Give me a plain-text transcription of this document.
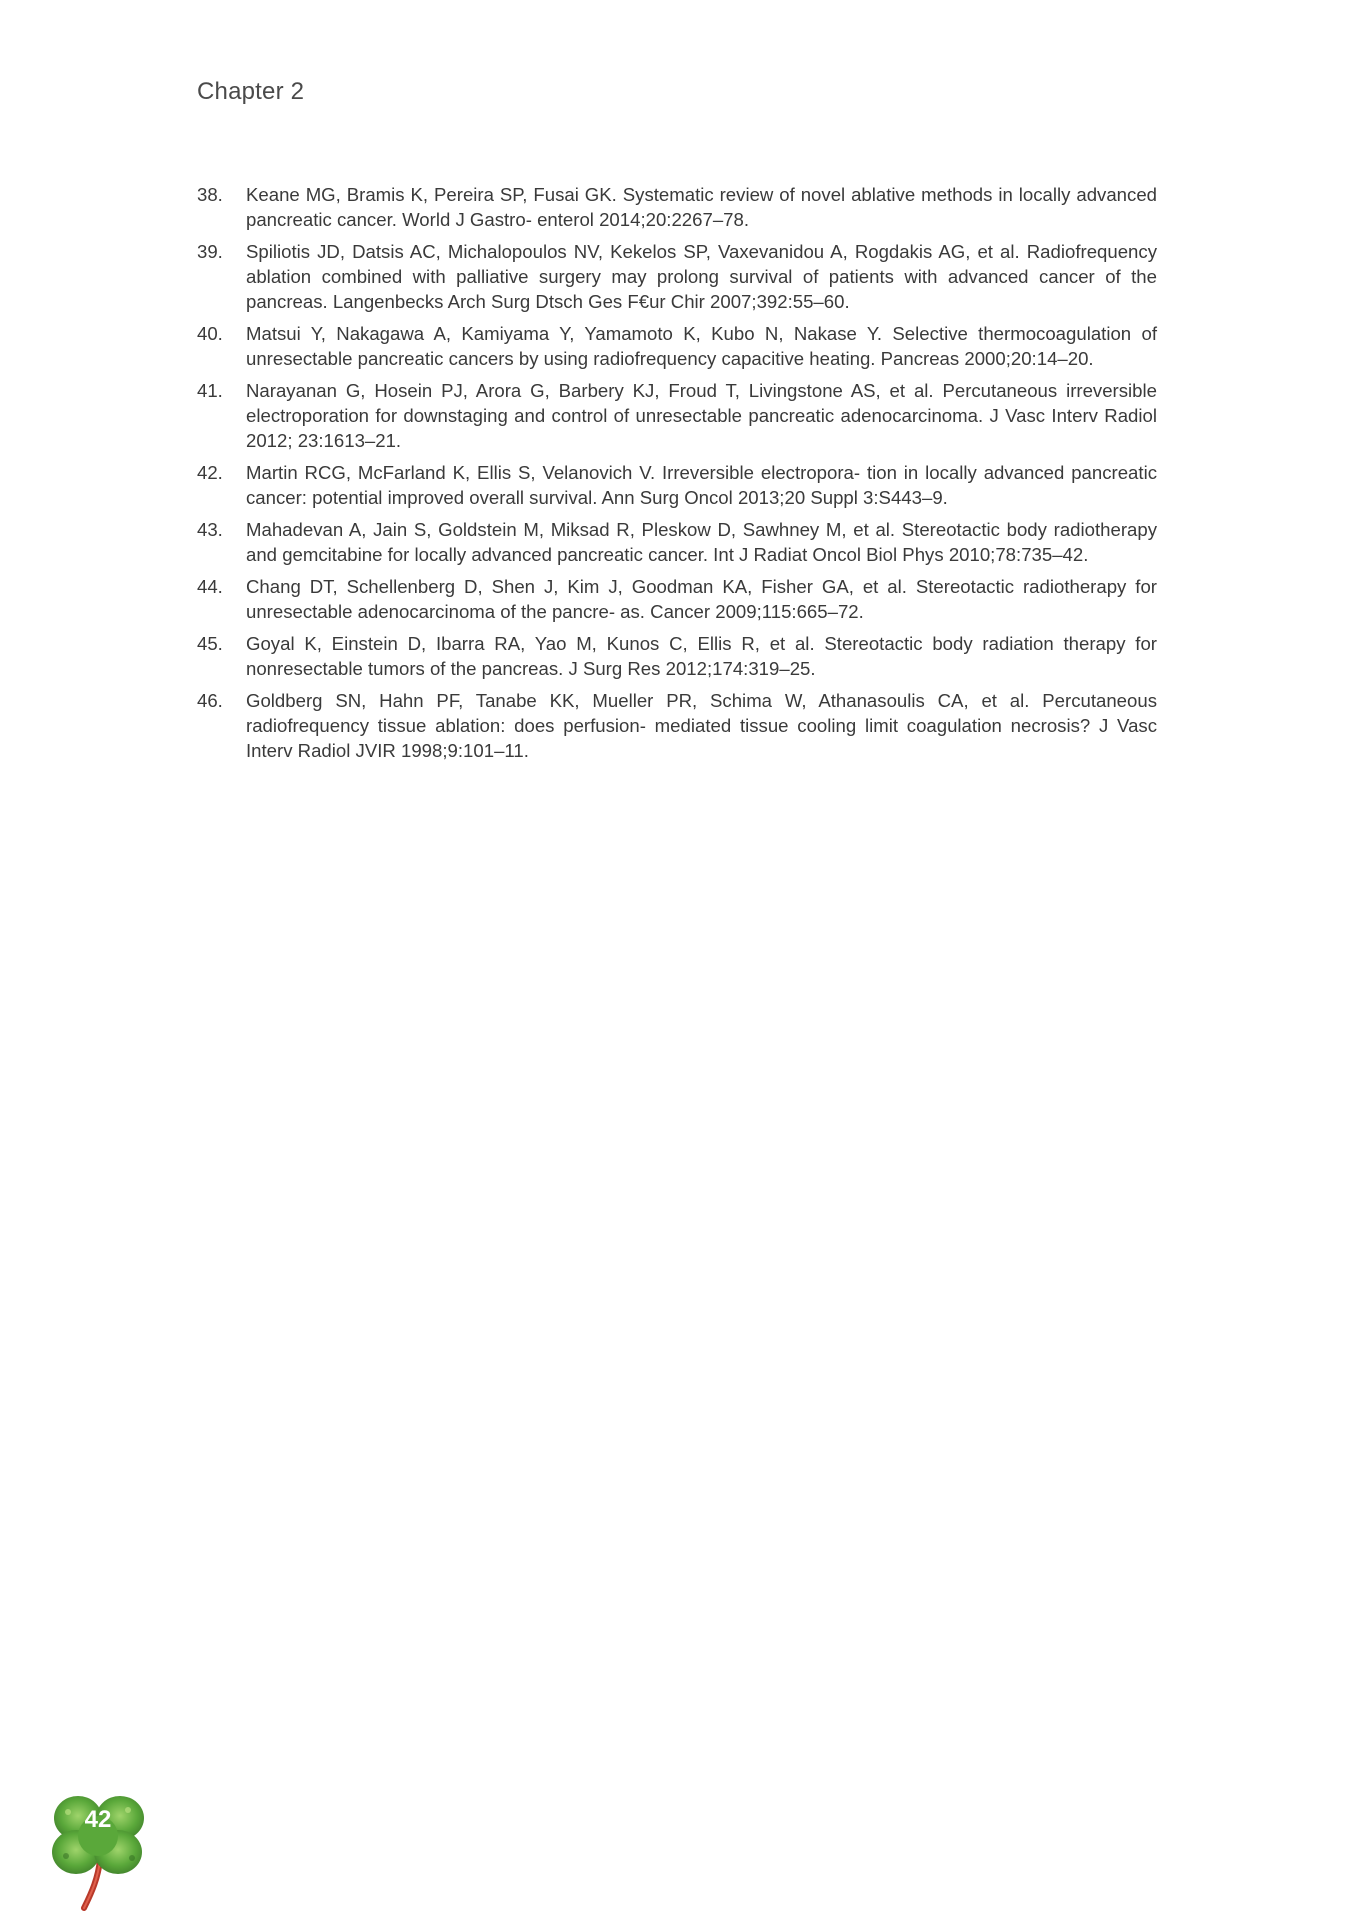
Chapter 2
38. Keane MG, Bramis K, Pereira SP, Fusai GK. Systematic review of novel ablative methods in locally advanced pancreatic cancer. World J Gastro- enterol 2014;20:2267–78.
39. Spiliotis JD, Datsis AC, Michalopoulos NV, Kekelos SP, Vaxevanidou A, Rogdakis AG, et al. Radiofrequency ablation combined with palliative surgery may prolong survival of patients with advanced cancer of the pancreas. Langenbecks Arch Surg Dtsch Ges F€ur Chir 2007;392:55–60.
40. Matsui Y, Nakagawa A, Kamiyama Y, Yamamoto K, Kubo N, Nakase Y. Selective thermocoagulation of unresectable pancreatic cancers by using radiofrequency capacitive heating. Pancreas 2000;20:14–20.
41. Narayanan G, Hosein PJ, Arora G, Barbery KJ, Froud T, Livingstone AS, et al. Percutaneous irreversible electroporation for downstaging and control of unresectable pancreatic adenocarcinoma. J Vasc Interv Radiol 2012; 23:1613–21.
42. Martin RCG, McFarland K, Ellis S, Velanovich V. Irreversible electropora- tion in locally advanced pancreatic cancer: potential improved overall survival. Ann Surg Oncol 2013;20 Suppl 3:S443–9.
43. Mahadevan A, Jain S, Goldstein M, Miksad R, Pleskow D, Sawhney M, et al. Stereotactic body radiotherapy and gemcitabine for locally advanced pancreatic cancer. Int J Radiat Oncol Biol Phys 2010;78:735–42.
44. Chang DT, Schellenberg D, Shen J, Kim J, Goodman KA, Fisher GA, et al. Stereotactic radiotherapy for unresectable adenocarcinoma of the pancre- as. Cancer 2009;115:665–72.
45. Goyal K, Einstein D, Ibarra RA, Yao M, Kunos C, Ellis R, et al. Stereotactic body radiation therapy for nonresectable tumors of the pancreas. J Surg Res 2012;174:319–25.
46. Goldberg SN, Hahn PF, Tanabe KK, Mueller PR, Schima W, Athanasoulis CA, et al. Percutaneous radiofrequency tissue ablation: does perfusion- mediated tissue cooling limit coagulation necrosis? J Vasc Interv Radiol JVIR 1998;9:101–11.
42
